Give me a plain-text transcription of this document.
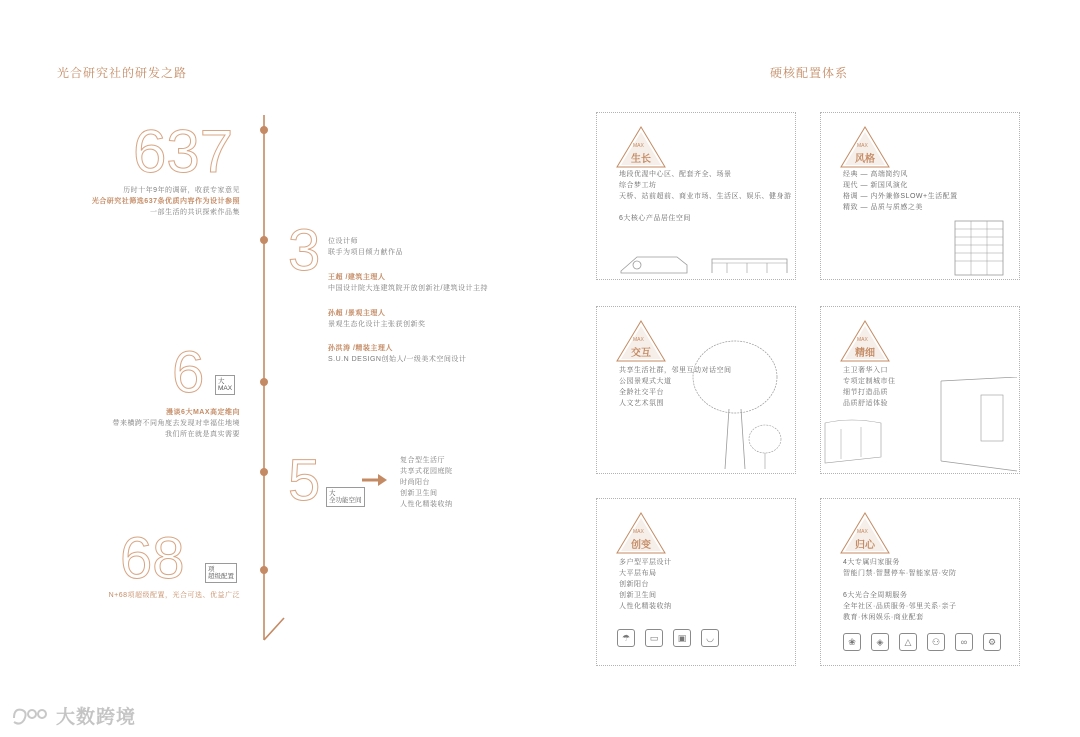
光合研究社的研发之路	硬核配置体系
637
历时十年9年的调研，收获专家意见
光合研究社筛选637条优质内容作为设计参照
一部生活的共识探索作品集
3 位设计师
联手为项目倾力献作品
王超 /建筑主理人
中国设计院大连建筑院开放创新社/建筑设计主持
孙超 /景观主理人
景观生态化设计主张获创新奖
孙洪涛 /精装主理人
S.U.N DESIGN创始人/一级美术空间设计
6 大
MAX
漫谈6大MAX高定维向
带来横跨不同角度去发现对幸福住地境
我们所在就是真实需要
5 大
全功能空间
复合型生活厅
共享式花园庭院
时尚阳台
创新卫生间
人性化精装收纳
68	项
超级配置
N+68项超级配置，光合可选、优益广泛
MAX
生长
地段优渥中心区、配套齐全、场景
综合梦工坊
天桥、站前超前、商业市场、生活区、娱乐、健身游
6大核心产品居住空间
MAX
风格
经典 — 高端简约风
现代 — 新国风演化
格调 — 内外兼修SLOW+生活配置
精致 — 品质与质感之美
MAX
交互
共享生活社群，邻里互动对话空间
公园景观式大道
全龄社交平台
人文艺术氛围
MAX
精细
主卫奢华入口
专项定制城市住
细节打造品质
品质舒适体验
MAX
创变
多户型平层设计
大平层布局
创新阳台
创新卫生间
人性化精装收纳
☂	▭	▣	◡
MAX
归心
4大专属归家服务
智能门禁·智慧停车·智能家居·安防
6大光合全周期服务
全年社区·品质服务·邻里关系·亲子
教育·休闲娱乐·商业配套
❀	◈	△	⚇	∞	⚙
大数跨境
